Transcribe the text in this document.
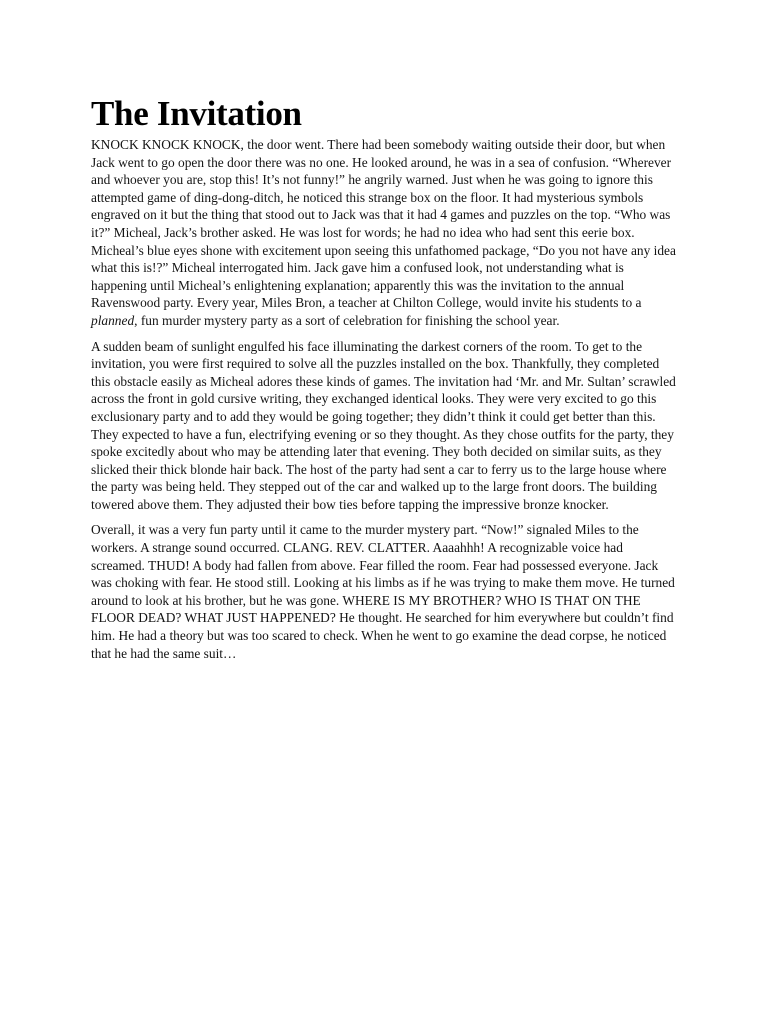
The Invitation

KNOCK KNOCK KNOCK, the door went. There had been somebody waiting outside their door, but when Jack went to go open the door there was no one. He looked around, he was in a sea of confusion. “Wherever and whoever you are, stop this! It’s not funny!” he angrily warned. Just when he was going to ignore this attempted game of ding-dong-ditch, he noticed this strange box on the floor. It had mysterious symbols engraved on it but the thing that stood out to Jack was that it had 4 games and puzzles on the top. “Who was it?” Micheal, Jack’s brother asked. He was lost for words; he had no idea who had sent this eerie box. Micheal’s blue eyes shone with excitement upon seeing this unfathomed package, “Do you not have any idea what this is!?” Micheal interrogated him. Jack gave him a confused look, not understanding what is happening until Micheal’s enlightening explanation; apparently this was the invitation to the annual Ravenswood party. Every year, Miles Bron, a teacher at Chilton College, would invite his students to a planned, fun murder mystery party as a sort of celebration for finishing the school year.

A sudden beam of sunlight engulfed his face illuminating the darkest corners of the room. To get to the invitation, you were first required to solve all the puzzles installed on the box. Thankfully, they completed this obstacle easily as Micheal adores these kinds of games. The invitation had ‘Mr. and Mr. Sultan’ scrawled across the front in gold cursive writing, they exchanged identical looks. They were very excited to go this exclusionary party and to add they would be going together; they didn’t think it could get better than this. They expected to have a fun, electrifying evening or so they thought. As they chose outfits for the party, they spoke excitedly about who may be attending later that evening. They both decided on similar suits, as they slicked their thick blonde hair back. The host of the party had sent a car to ferry us to the large house where the party was being held. They stepped out of the car and walked up to the large front doors. The building towered above them. They adjusted their bow ties before tapping the impressive bronze knocker.

Overall, it was a very fun party until it came to the murder mystery part. “Now!” signaled Miles to the workers. A strange sound occurred. CLANG. REV. CLATTER. Aaaahhh! A recognizable voice had screamed. THUD! A body had fallen from above. Fear filled the room. Fear had possessed everyone. Jack was choking with fear. He stood still. Looking at his limbs as if he was trying to make them move. He turned around to look at his brother, but he was gone. WHERE IS MY BROTHER? WHO IS THAT ON THE FLOOR DEAD? WHAT JUST HAPPENED? He thought. He searched for him everywhere but couldn’t find him. He had a theory but was too scared to check. When he went to go examine the dead corpse, he noticed that he had the same suit…
